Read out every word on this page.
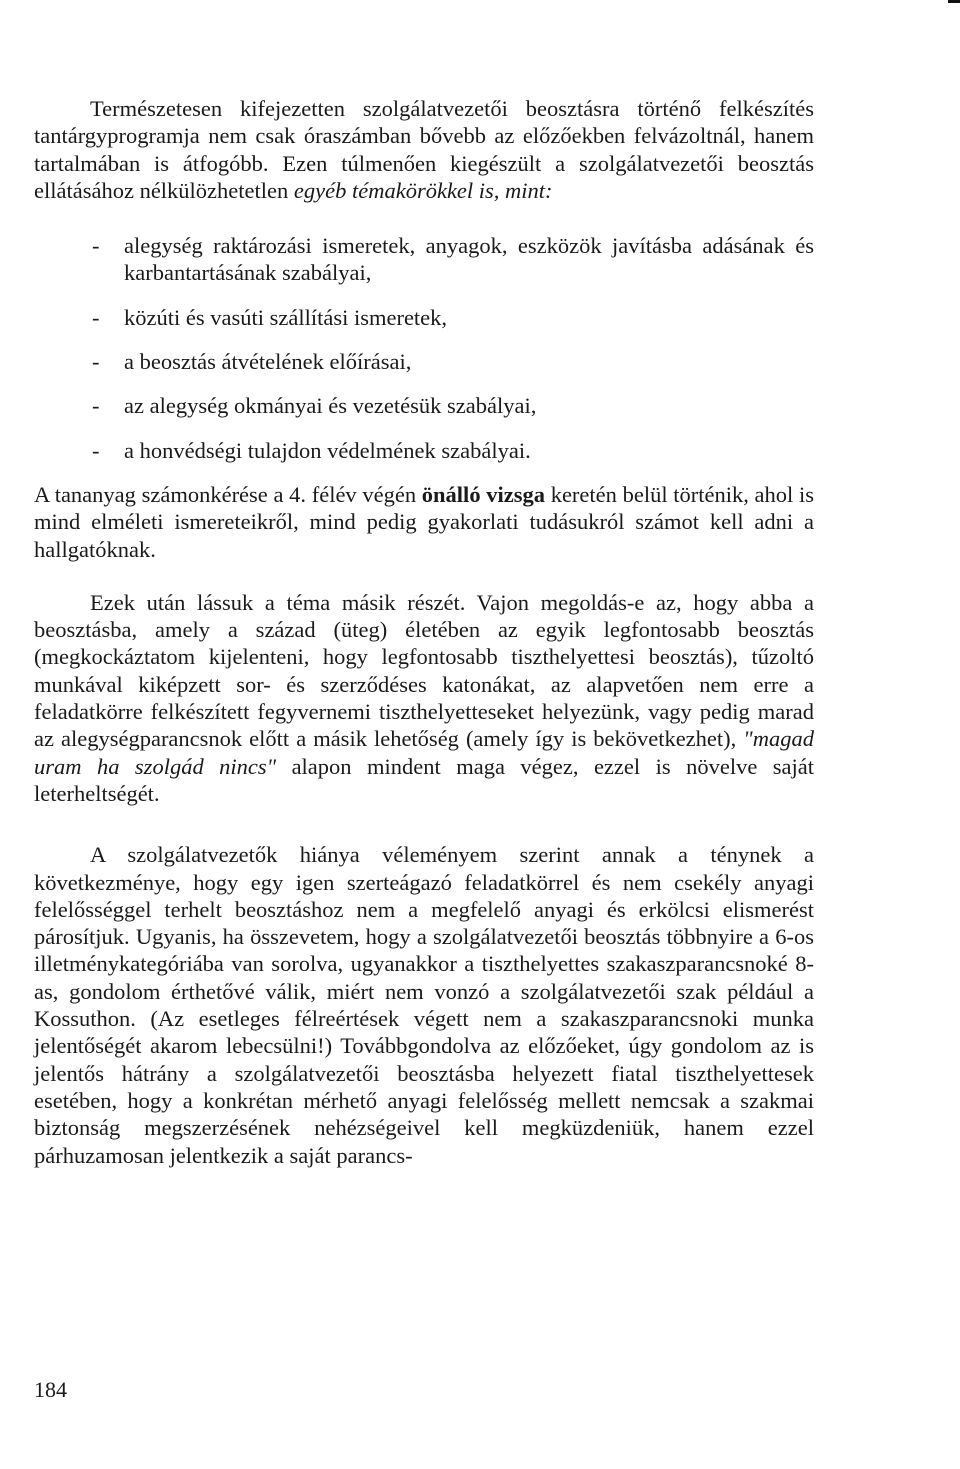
Természetesen kifejezetten szolgálatvezetői beosztásra történő felkészítés tantárgyprogramja nem csak óraszámban bővebb az előzőekben felvázoltnál, hanem tartalmában is átfogóbb. Ezen túlmenően kiegészült a szolgálatvezetői beosztás ellátásához nélkülözhetetlen egyéb témakörökkel is, mint:

- alegység raktározási ismeretek, anyagok, eszközök javításba adásának és karbantartásának szabályai,
- közúti és vasúti szállítási ismeretek,
- a beosztás átvételének előírásai,
- az alegység okmányai és vezetésük szabályai,
- a honvédségi tulajdon védelmének szabályai.

A tananyag számonkérése a 4. félév végén önálló vizsga keretén belül történik, ahol is mind elméleti ismereteikről, mind pedig gyakorlati tudásukról számot kell adni a hallgatóknak.

Ezek után lássuk a téma másik részét. Vajon megoldás-e az, hogy abba a beosztásba, amely a század (üteg) életében az egyik legfontosabb beosztás (megkockáztatom kijelenteni, hogy legfontosabb tiszthelyettesi beosztás), tűzoltó munkával kiképzett sor- és szerződéses katonákat, az alapvetően nem erre a feladatkörre felkészített fegyvernemi tiszthelyetteseket helyezünk, vagy pedig marad az alegységparancsnok előtt a másik lehetőség (amely így is bekövetkezhet), "magad uram ha szolgád nincs" alapon mindent maga végez, ezzel is növelve saját leterheltségét.

A szolgálatvezetők hiánya véleményem szerint annak a ténynek a következménye, hogy egy igen szerteágazó feladatkörrel és nem csekély anyagi felelősséggel terhelt beosztáshoz nem a megfelelő anyagi és erkölcsi elismerést párosítjuk. Ugyanis, ha összevetem, hogy a szolgálatvezetői beosztás többnyire a 6-os illetménykategóriába van sorolva, ugyanakkor a tiszthelyettes szakaszparancsnoké 8-as, gondolom érthetővé válik, miért nem vonzó a szolgálatvezetői szak például a Kossuthon. (Az esetleges félreértések végett nem a szakaszparancsnoki munka jelentőségét akarom lebecsülni!) Továbbgondolva az előzőeket, úgy gondolom az is jelentős hátrány a szolgálatvezetői beosztásba helyezett fiatal tiszthelyettesek esetében, hogy a konkrétan mérhető anyagi felelősség mellett nemcsak a szakmai biztonság megszerzésének nehézségeivel kell megküzdeniük, hanem ezzel párhuzamosan jelentkezik a saját parancs-

184
